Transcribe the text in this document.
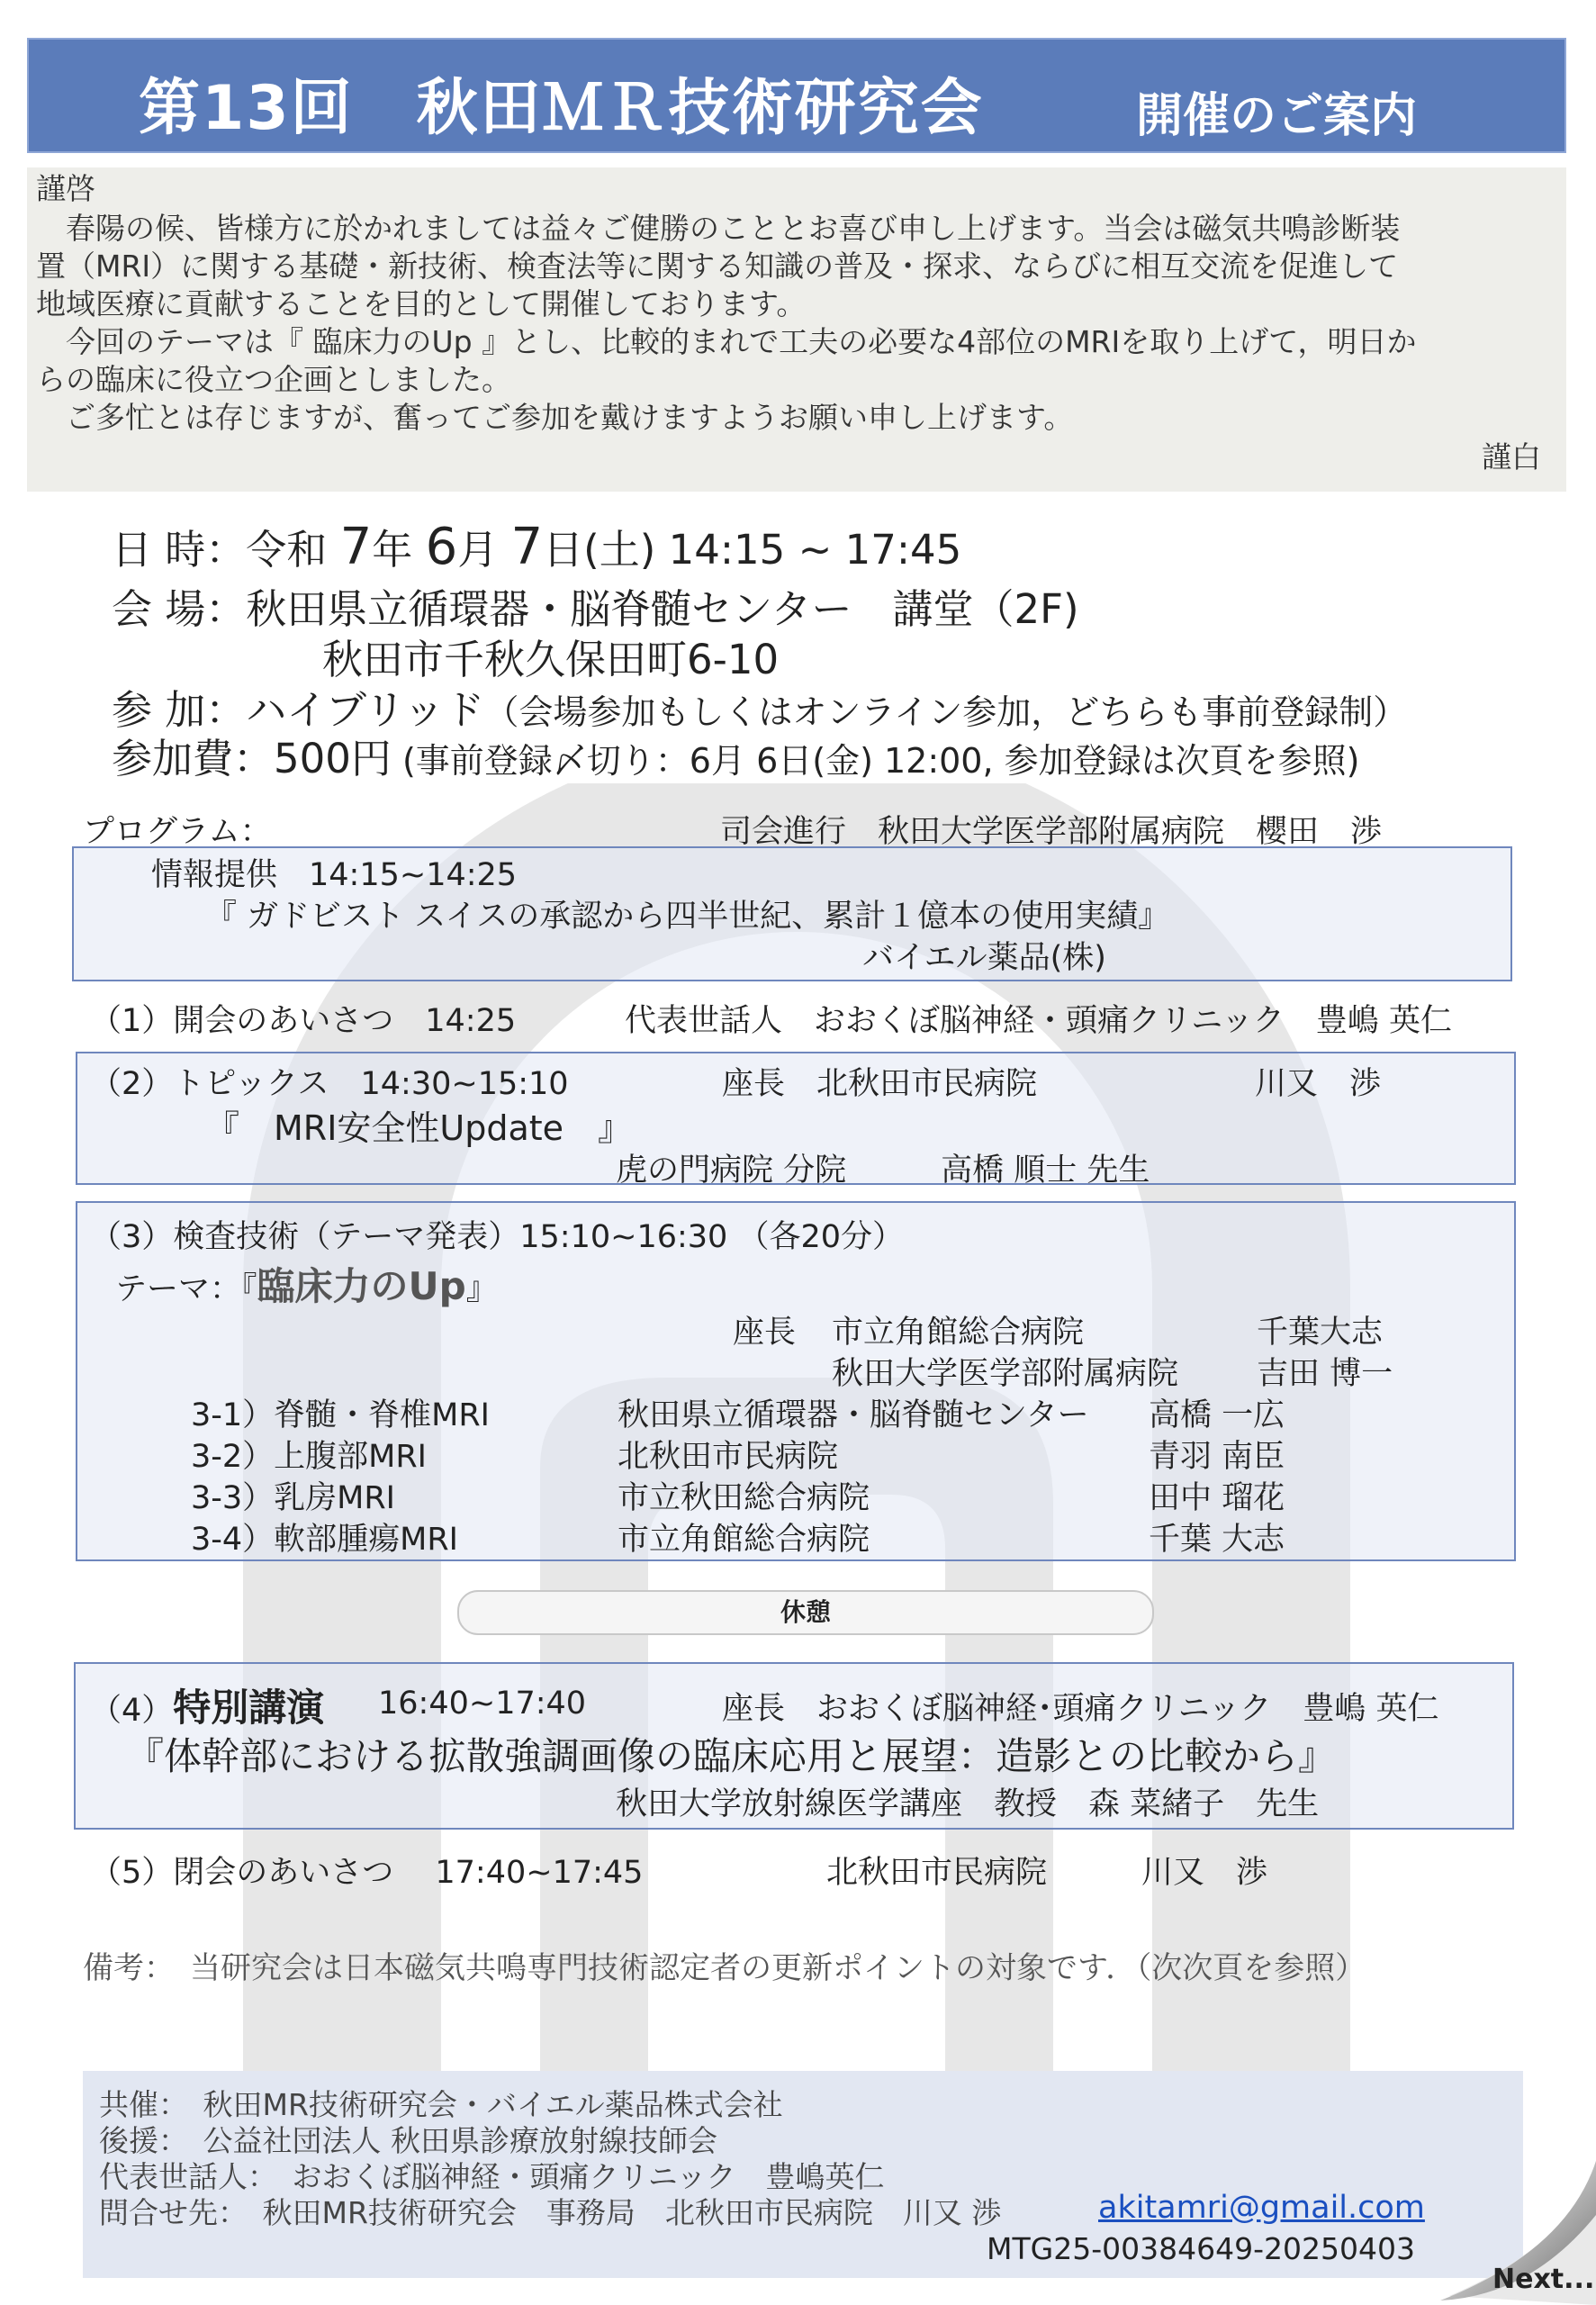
第13回　秋田ＭＲ技術研究会	開催のご案内
謹啓
　春陽の候、皆様方に於かれましては益々ご健勝のこととお喜び申し上げます。当会は磁気共鳴診断装
置（MRI）に関する基礎・新技術、検査法等に関する知識の普及・探求、ならびに相互交流を促進して
地域医療に貢献することを目的として開催しております。
　今回のテーマは『 臨床力のUp 』とし、比較的まれで工夫の必要な4部位のMRIを取り上げて，明日か
らの臨床に役立つ企画としました。
　ご多忙とは存じますが、奮ってご参加を戴けますようお願い申し上げます。
謹白
日 時：令和 7年 6月 7日(土) 14:15 ~ 17:45
会 場：秋田県立循環器・脳脊髄センター　講堂（2F)
秋田市千秋久保田町6-10
参 加：ハイブリッド（会場参加もしくはオンライン参加，どちらも事前登録制）
参加費：500円 (事前登録〆切り：6月 6日(金) 12:00, 参加登録は次頁を参照)
プログラム：	司会進行　秋田大学医学部附属病院　櫻田　渉
情報提供　14:15~14:25
『 ガドビスト スイスの承認から四半世紀、累計１億本の使用実績』
バイエル薬品(株)
（1）開会のあいさつ　14:25	代表世話人　おおくぼ脳神経・頭痛クリニック　豊嶋 英仁
（2）トピックス　14:30~15:10	座長　北秋田市民病院	川又　渉
『　MRI安全性Update　』
虎の門病院 分院　　　高橋 順士 先生
（3）検査技術（テーマ発表）15:10~16:30 （各20分）
テーマ：『臨床力のUp』
座長 市立角館総合病院	千葉大志
秋田大学医学部附属病院 吉田 博一
3-1）脊髄・脊椎MRI	秋田県立循環器・脳脊髄センター 高橋 一広
3-2）上腹部MRI	北秋田市民病院	青羽 南臣
3-3）乳房MRI	市立秋田総合病院	田中 瑠花
3-4）軟部腫瘍MRI	市立角館総合病院	千葉 大志
休憩
（4）特別講演 16:40~17:40	座長　おおくぼ脳神経･頭痛クリニック　豊嶋 英仁
『体幹部における拡散強調画像の臨床応用と展望：造影との比較から』
秋田大学放射線医学講座　教授　森 菜緒子　先生
（5）閉会のあいさつ　 17:40~17:45	北秋田市民病院　　　川又　渉
備考：　当研究会は日本磁気共鳴専門技術認定者の更新ポイントの対象です．（次次頁を参照）
共催：　秋田MR技術研究会・バイエル薬品株式会社
後援：　公益社団法人 秋田県診療放射線技師会
代表世話人：　おおくぼ脳神経・頭痛クリニック　豊嶋英仁
問合せ先：　秋田MR技術研究会　事務局　北秋田市民病院　川又 渉	akitamri@gmail.com
MTG25-00384649-20250403
Next...
